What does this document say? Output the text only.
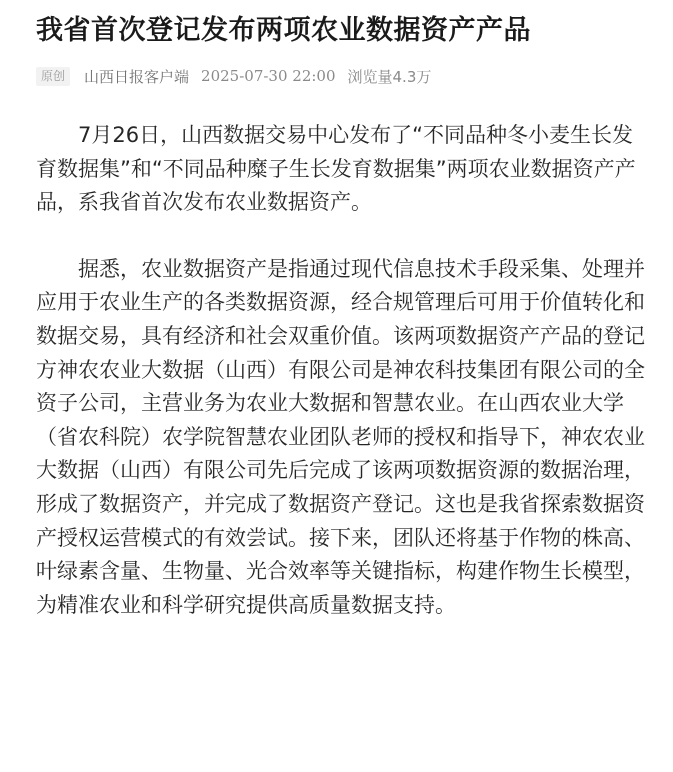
我省首次登记发布两项农业数据资产产品
原创	山西日报客户端 2025-07-30 22:00 浏览量4.3万

7月26日，山西数据交易中心发布了“不同品种冬小麦生长发育数据集”和“不同品种糜子生长发育数据集”两项农业数据资产产品，系我省首次发布农业数据资产。

据悉，农业数据资产是指通过现代信息技术手段采集、处理并应用于农业生产的各类数据资源，经合规管理后可用于价值转化和数据交易，具有经济和社会双重价值。该两项数据资产产品的登记方神农农业大数据（山西）有限公司是神农科技集团有限公司的全资子公司，主营业务为农业大数据和智慧农业。在山西农业大学（省农科院）农学院智慧农业团队老师的授权和指导下，神农农业大数据（山西）有限公司先后完成了该两项数据资源的数据治理，形成了数据资产，并完成了数据资产登记。这也是我省探索数据资产授权运营模式的有效尝试。接下来，团队还将基于作物的株高、叶绿素含量、生物量、光合效率等关键指标，构建作物生长模型，为精准农业和科学研究提供高质量数据支持。
